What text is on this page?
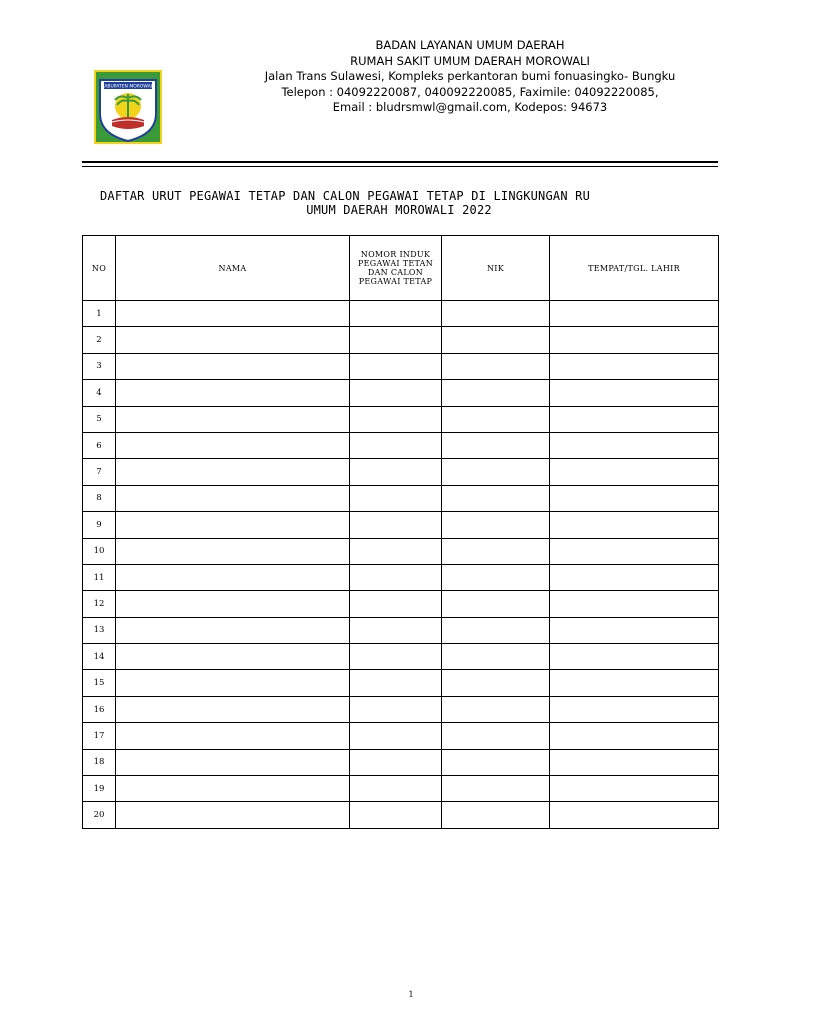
KABUPATEN MOROWALI
BADAN LAYANAN UMUM DAERAH
RUMAH SAKIT UMUM DAERAH MOROWALI
Jalan Trans Sulawesi, Kompleks perkantoran bumi fonuasingko- Bungku
Telepon : 04092220087, 040092220085, Faximile: 04092220085,
Email : bludrsmwl@gmail.com, Kodepos: 94673
DAFTAR URUT PEGAWAI TETAP DAN CALON PEGAWAI TETAP DI LINGKUNGAN RU
UMUM DAERAH MOROWALI 2022
NO	NAMA	NOMOR INDUK
PEGAWAI TETAN
DAN CALON
PEGAWAI TETAP	NIK	TEMPAT/TGL. LAHIR
1				
2				
3				
4				
5				
6				
7				
8				
9				
10				
11				
12				
13				
14				
15				
16				
17				
18				
19				
20				
1
